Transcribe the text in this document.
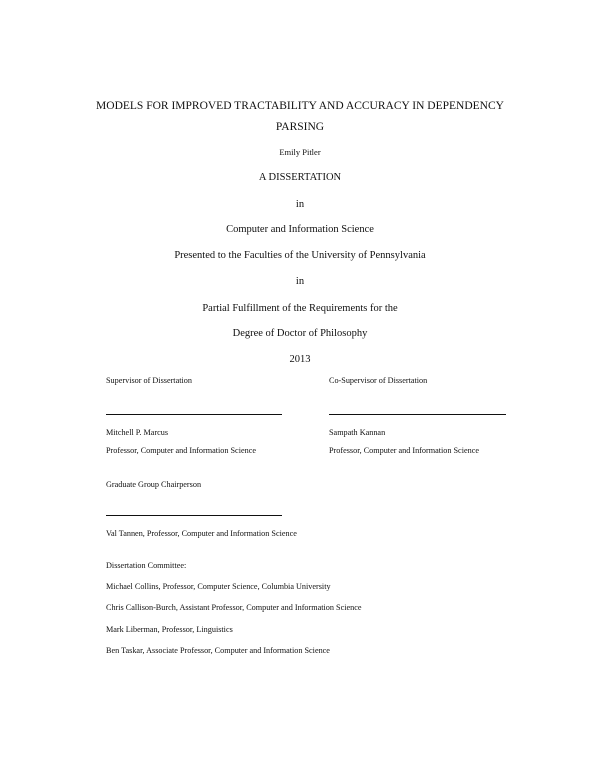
MODELS FOR IMPROVED TRACTABILITY AND ACCURACY IN DEPENDENCY
PARSING
Emily Pitler
A DISSERTATION
in
Computer and Information Science
Presented to the Faculties of the University of Pennsylvania
in
Partial Fulfillment of the Requirements for the
Degree of Doctor of Philosophy
2013
Supervisor of Dissertation	Co-Supervisor of Dissertation
Mitchell P. Marcus	Sampath Kannan
Professor, Computer and Information Science	Professor, Computer and Information Science
Graduate Group Chairperson
Val Tannen, Professor, Computer and Information Science
Dissertation Committee:
Michael Collins, Professor, Computer Science, Columbia University
Chris Callison-Burch, Assistant Professor, Computer and Information Science
Mark Liberman, Professor, Linguistics
Ben Taskar, Associate Professor, Computer and Information Science
